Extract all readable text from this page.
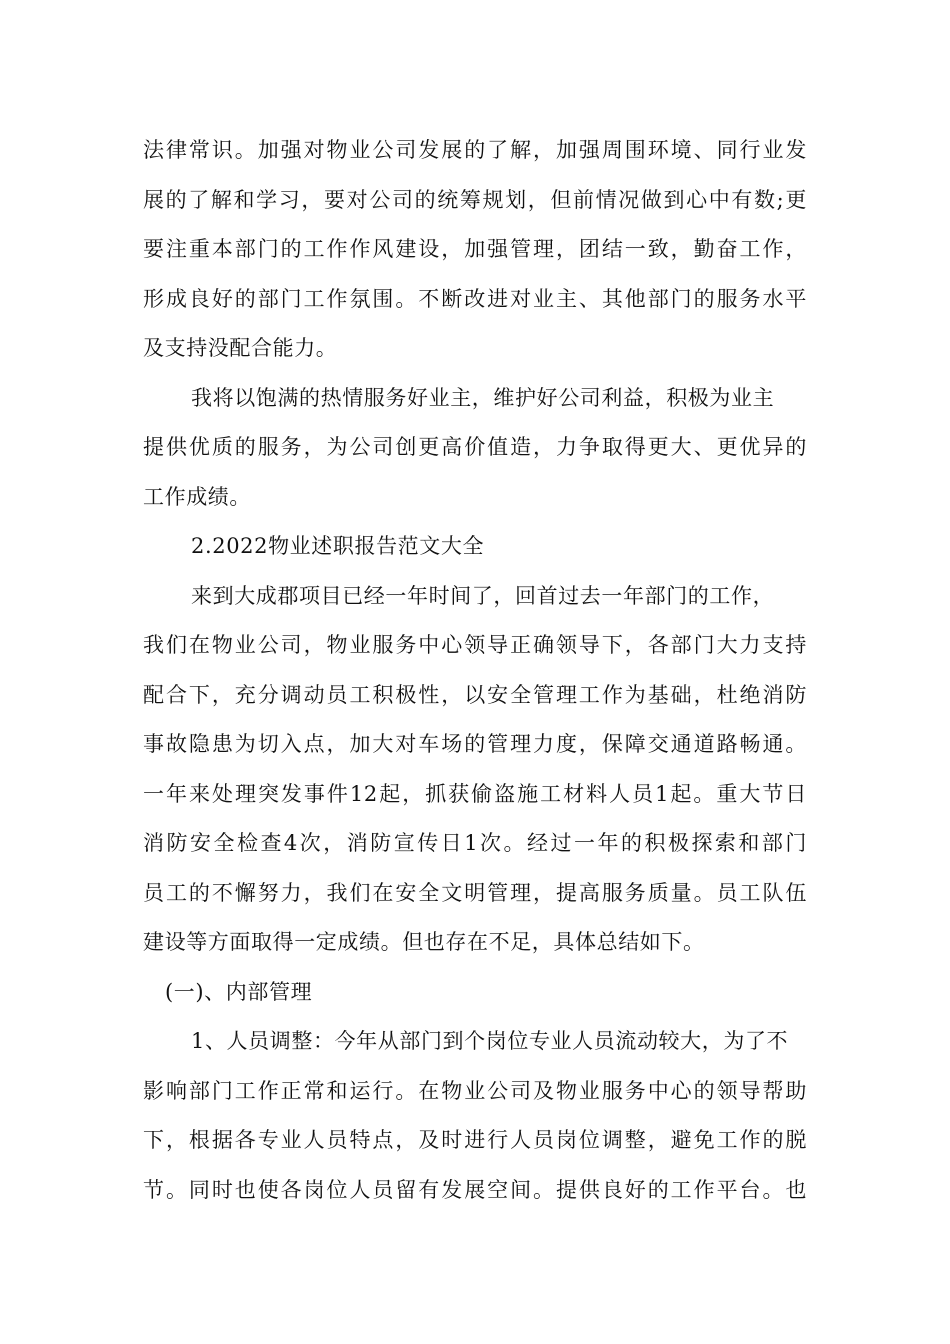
法律常识。加强对物业公司发展的了解，加强周围环境、同行业发
展的了解和学习，要对公司的统筹规划，但前情况做到心中有数;更
要注重本部门的工作作风建设，加强管理，团结一致，勤奋工作，
形成良好的部门工作氛围。不断改进对业主、其他部门的服务水平
及支持没配合能力。
我将以饱满的热情服务好业主，维护好公司利益，积极为业主
提供优质的服务，为公司创更高价值造，力争取得更大、更优异的
工作成绩。
2.2022物业述职报告范文大全
来到大成郡项目已经一年时间了，回首过去一年部门的工作，
我们在物业公司，物业服务中心领导正确领导下，各部门大力支持
配合下，充分调动员工积极性，以安全管理工作为基础，杜绝消防
事故隐患为切入点，加大对车场的管理力度，保障交通道路畅通。
一年来处理突发事件12起，抓获偷盗施工材料人员1起。重大节日
消防安全检查4次，消防宣传日1次。经过一年的积极探索和部门
员工的不懈努力，我们在安全文明管理，提高服务质量。员工队伍
建设等方面取得一定成绩。但也存在不足，具体总结如下。
(一)、内部管理
1、人员调整：今年从部门到个岗位专业人员流动较大，为了不
影响部门工作正常和运行。在物业公司及物业服务中心的领导帮助
下，根据各专业人员特点，及时进行人员岗位调整，避免工作的脱
节。同时也使各岗位人员留有发展空间。提供良好的工作平台。也
